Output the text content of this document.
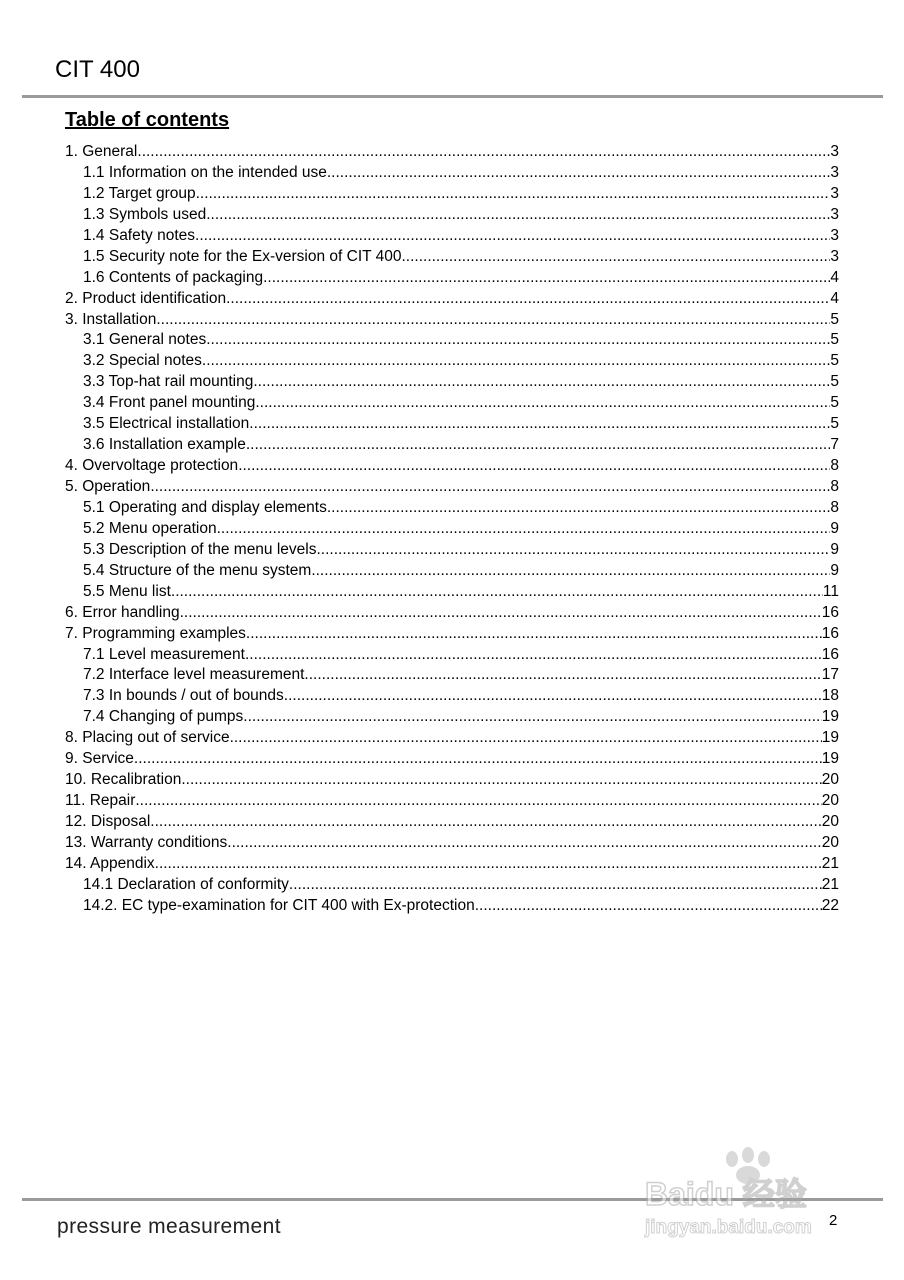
CIT 400
Table of contents
1. General .....	3
1.1 Information on the intended use .....	3
1.2 Target group .....	3
1.3 Symbols used .....	3
1.4 Safety notes .....	3
1.5 Security note for the Ex-version of CIT 400 .....	3
1.6 Contents of packaging .....	4
2. Product identification .....	4
3. Installation .....	5
3.1 General notes .....	5
3.2 Special notes .....	5
3.3 Top-hat rail mounting .....	5
3.4 Front panel mounting .....	5
3.5 Electrical installation .....	5
3.6 Installation example .....	7
4. Overvoltage protection .....	8
5. Operation .....	8
5.1 Operating and display elements .....	8
5.2 Menu operation .....	9
5.3 Description of the menu levels .....	9
5.4 Structure of the menu system .....	9
5.5 Menu list .....	11
6. Error handling .....	16
7. Programming examples .....	16
7.1 Level measurement .....	16
7.2 Interface level measurement .....	17
7.3 In bounds / out of bounds .....	18
7.4 Changing of pumps .....	19
8. Placing out of service .....	19
9. Service .....	19
10. Recalibration .....	20
11. Repair .....	20
12. Disposal .....	20
13. Warranty conditions .....	20
14. Appendix .....	21
14.1 Declaration of conformity .....	21
14.2. EC type-examination for CIT 400 with Ex-protection .....	22
pressure measurement	2
Baidu 经验
jingyan.baidu.com
